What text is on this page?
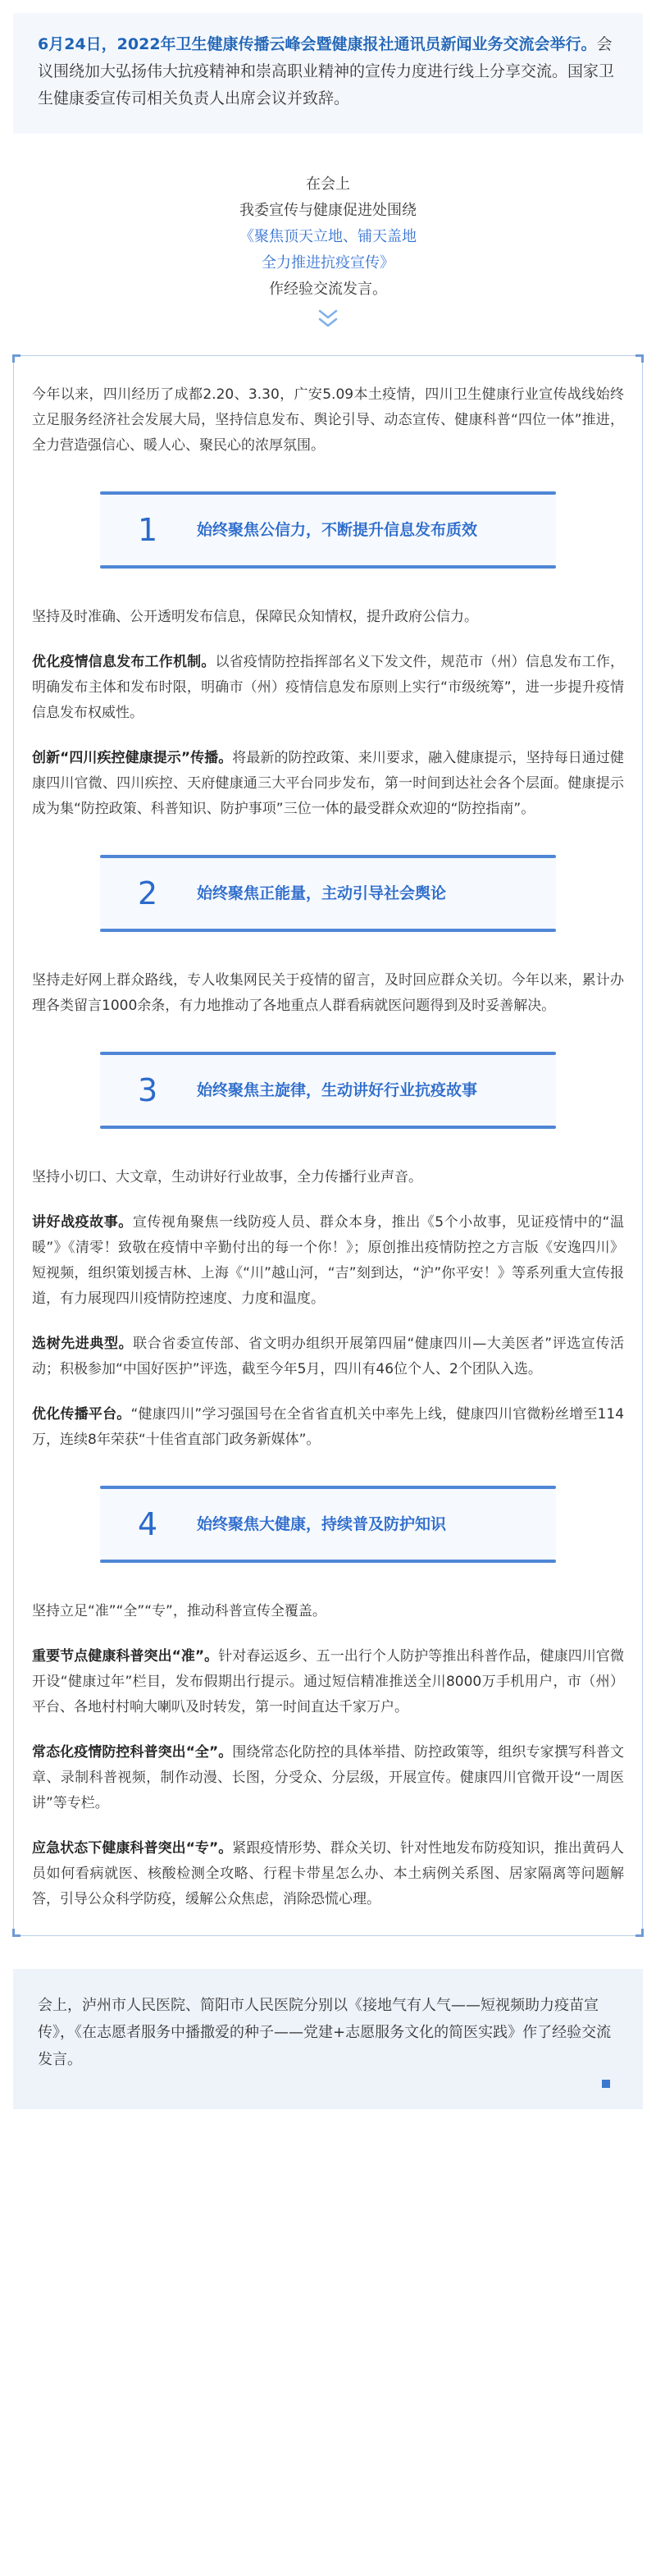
6月24日，2022年卫生健康传播云峰会暨健康报社通讯员新闻业务交流会举行。会议围绕加大弘扬伟大抗疫精神和崇高职业精神的宣传力度进行线上分享交流。国家卫生健康委宣传司相关负责人出席会议并致辞。
在会上
我委宣传与健康促进处围绕
《聚焦顶天立地、铺天盖地
全力推进抗疫宣传》
作经验交流发言。

今年以来，四川经历了成都2.20、3.30，广安5.09本土疫情，四川卫生健康行业宣传战线始终立足服务经济社会发展大局，坚持信息发布、舆论引导、动态宣传、健康科普“四位一体”推进，全力营造强信心、暖人心、聚民心的浓厚氛围。

1	始终聚焦公信力，不断提升信息发布质效

坚持及时准确、公开透明发布信息，保障民众知情权，提升政府公信力。

优化疫情信息发布工作机制。以省疫情防控指挥部名义下发文件，规范市（州）信息发布工作，明确发布主体和发布时限，明确市（州）疫情信息发布原则上实行“市级统筹”，进一步提升疫情信息发布权威性。

创新“四川疾控健康提示”传播。将最新的防控政策、来川要求，融入健康提示，坚持每日通过健康四川官微、四川疾控、天府健康通三大平台同步发布，第一时间到达社会各个层面。健康提示成为集“防控政策、科普知识、防护事项”三位一体的最受群众欢迎的“防控指南”。

2	始终聚焦正能量，主动引导社会舆论

坚持走好网上群众路线，专人收集网民关于疫情的留言，及时回应群众关切。今年以来，累计办理各类留言1000余条，有力地推动了各地重点人群看病就医问题得到及时妥善解决。

3	始终聚焦主旋律，生动讲好行业抗疫故事

坚持小切口、大文章，生动讲好行业故事，全力传播行业声音。

讲好战疫故事。宣传视角聚焦一线防疫人员、群众本身，推出《5个小故事，见证疫情中的“温暖”》《清零！致敬在疫情中辛勤付出的每一个你！》；原创推出疫情防控之方言版《安逸四川》短视频，组织策划援吉林、上海《“川”越山河，“吉”刻到达，“沪”你平安！》等系列重大宣传报道，有力展现四川疫情防控速度、力度和温度。

选树先进典型。联合省委宣传部、省文明办组织开展第四届“健康四川—大美医者”评选宣传活动；积极参加“中国好医护”评选，截至今年5月，四川有46位个人、2个团队入选。

优化传播平台。“健康四川”学习强国号在全省省直机关中率先上线，健康四川官微粉丝增至114万，连续8年荣获“十佳省直部门政务新媒体”。

4	始终聚焦大健康，持续普及防护知识

坚持立足“准”“全”“专”，推动科普宣传全覆盖。

重要节点健康科普突出“准”。针对春运返乡、五一出行个人防护等推出科普作品，健康四川官微开设“健康过年”栏目，发布假期出行提示。通过短信精准推送全川8000万手机用户，市（州）平台、各地村村响大喇叭及时转发，第一时间直达千家万户。

常态化疫情防控科普突出“全”。围绕常态化防控的具体举措、防控政策等，组织专家撰写科普文章、录制科普视频，制作动漫、长图，分受众、分层级，开展宣传。健康四川官微开设“一周医讲”等专栏。

应急状态下健康科普突出“专”。紧跟疫情形势、群众关切、针对性地发布防疫知识，推出黄码人员如何看病就医、核酸检测全攻略、行程卡带星怎么办、本土病例关系图、居家隔离等问题解答，引导公众科学防疫，缓解公众焦虑，消除恐慌心理。

会上，泸州市人民医院、简阳市人民医院分别以《接地气有人气——短视频助力疫苗宣传》，《在志愿者服务中播撒爱的种子——党建+志愿服务文化的简医实践》作了经验交流发言。
